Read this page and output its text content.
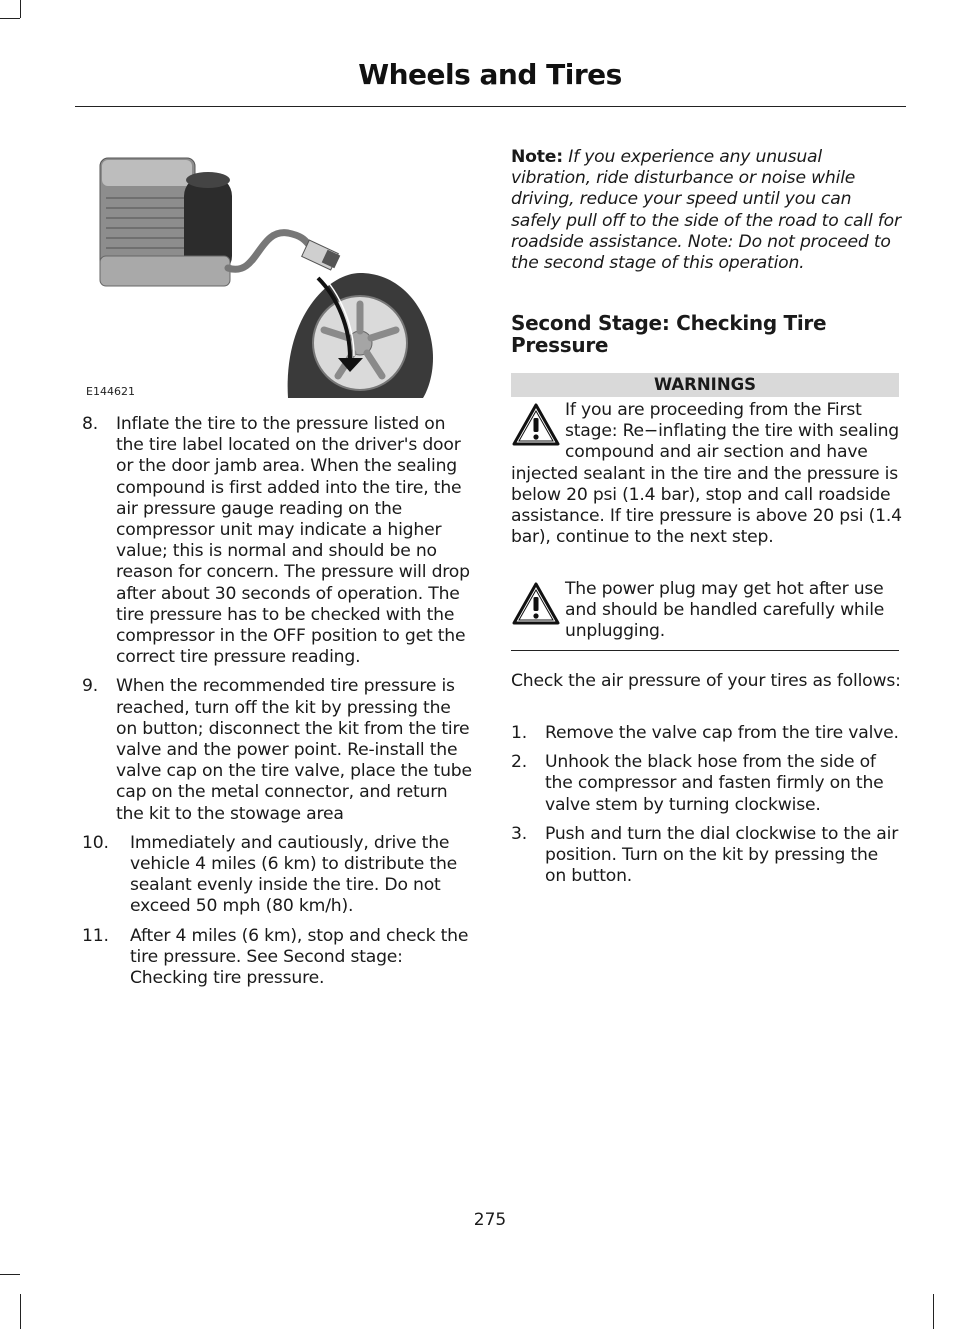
Wheels and Tires
E144621
8. Inflate the tire to the pressure listed on the tire label located on the driver's door or the door jamb area. When the sealing compound is first added into the tire, the air pressure gauge reading on the compressor unit may indicate a higher value; this is normal and should be no reason for concern. The pressure will drop after about 30 seconds of operation. The tire pressure has to be checked with the compressor in the OFF position to get the correct tire pressure reading.
9. When the recommended tire pressure is reached, turn off the kit by pressing the on button; disconnect the kit from the tire valve and the power point. Re-install the valve cap on the tire valve, place the tube cap on the metal connector, and return the kit to the stowage area
10. Immediately and cautiously, drive the vehicle 4 miles (6 km) to distribute the sealant evenly inside the tire. Do not exceed 50 mph (80 km/h).
11. After 4 miles (6 km), stop and check the tire pressure. See Second stage: Checking tire pressure.
Note: If you experience any unusual vibration, ride disturbance or noise while driving, reduce your speed until you can safely pull off to the side of the road to call for roadside assistance. Note: Do not proceed to the second stage of this operation.
Second Stage: Checking Tire Pressure
WARNINGS
If you are proceeding from the First stage: Re−inflating the tire with sealing compound and air section and have injected sealant in the tire and the pressure is below 20 psi (1.4 bar), stop and call roadside assistance. If tire pressure is above 20 psi (1.4 bar), continue to the next step.
The power plug may get hot after use and should be handled carefully while unplugging.
Check the air pressure of your tires as follows:
1. Remove the valve cap from the tire valve.
2. Unhook the black hose from the side of the compressor and fasten firmly on the valve stem by turning clockwise.
3. Push and turn the dial clockwise to the air position. Turn on the kit by pressing the on button.
275
